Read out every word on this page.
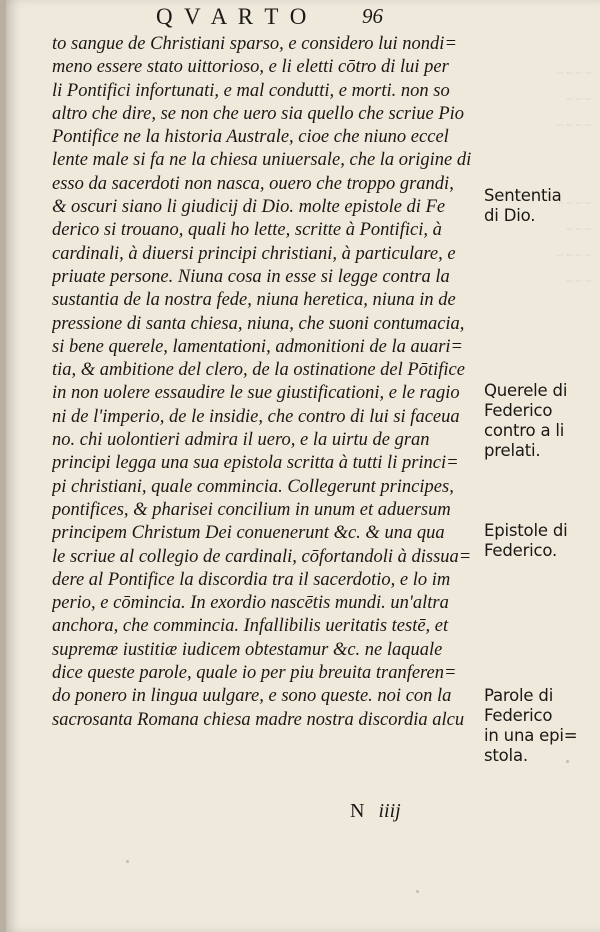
~ ~ ~ ~
~ ~ ~
~ ~ ~ ~

~ ~ ~ ~
~ ~ ~
~ ~ ~ ~
~ ~ ~
Q V A R T O	96
to sangue de Christiani sparso, e considero lui nondi=
meno essere stato uittorioso, e li eletti cōtro di lui per
li Pontifici infortunati, e mal condutti, e morti. non so
altro che dire, se non che uero sia quello che scriue Pio
Pontifice ne la historia Australe, cioe che niuno eccel
lente male si fa ne la chiesa uniuersale, che la origine di
esso da sacerdoti non nasca, ouero che troppo grandi,
& oscuri siano li giudicij di Dio. molte epistole di Fe
derico si trouano, quali ho lette, scritte à Pontifici, à
cardinali, à diuersi principi christiani, à particulare, e
priuate persone. Niuna cosa in esse si legge contra la
sustantia de la nostra fede, niuna heretica, niuna in de
pressione di santa chiesa, niuna, che suoni contumacia,
si bene querele, lamentationi, admonitioni de la auari=
tia, & ambitione del clero, de la ostinatione del Pōtifice
in non uolere essaudire le sue giustificationi, e le ragio
ni de l'imperio, de le insidie, che contro di lui si faceua
no. chi uolontieri admira il uero, e la uirtu de gran
principi legga una sua epistola scritta à tutti li princi=
pi christiani, quale commincia. Collegerunt principes,
pontifices, & pharisei concilium in unum et aduersum
principem Christum Dei conuenerunt &c. & una qua
le scriue al collegio de cardinali, cōfortandoli à dissua=
dere al Pontifice la discordia tra il sacerdotio, e lo im
perio, e cōmincia. In exordio nascētis mundi. un'altra
anchora, che commincia. Infallibilis ueritatis testē, et
supremæ iustitiæ iudicem obtestamur &c. ne laquale
dice queste parole, quale io per piu breuita tranferen=
do ponero in lingua uulgare, e sono queste. noi con la
sacrosanta Romana chiesa madre nostra discordia alcu
Sententia
di Dio.
Querele di
Federico
contro a li
prelati.
Epistole di
Federico.
Parole di
Federico
in una epi=
stola.
N iiij
